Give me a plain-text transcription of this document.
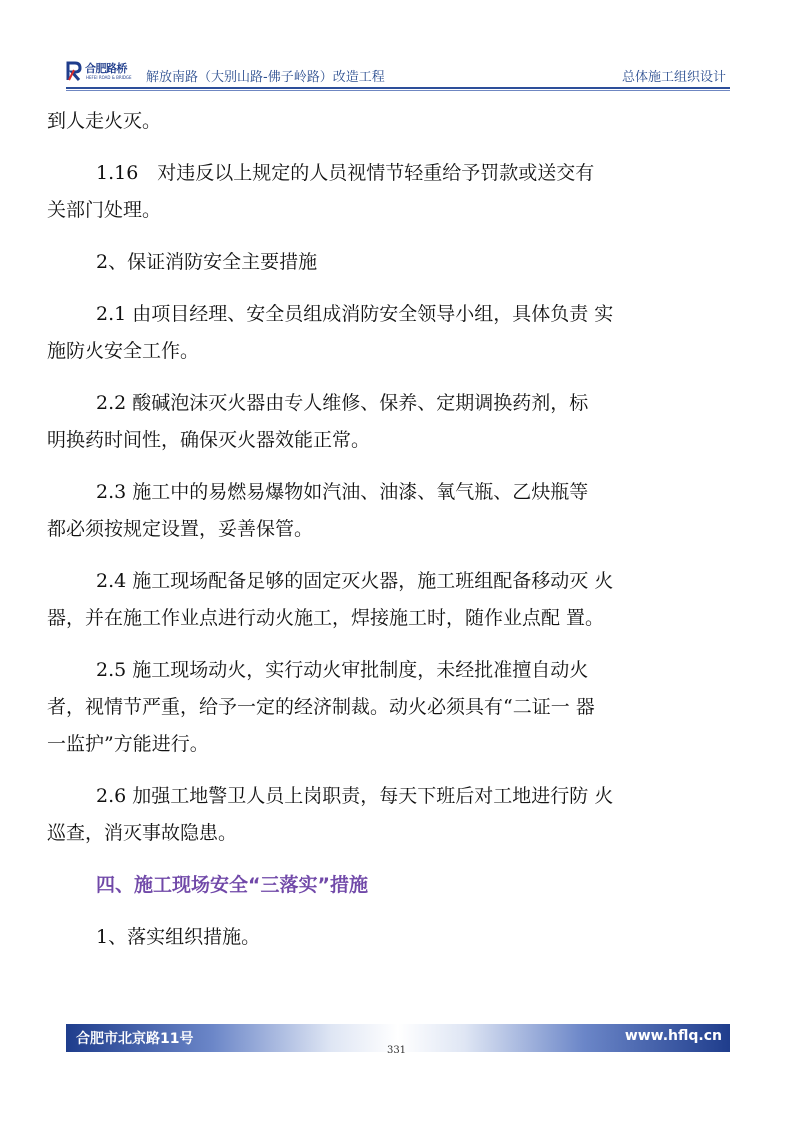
合肥路桥
HEFEI ROAD & BRIDGE 解放南路（大别山路-佛子岭路）改造工程	总体施工组织设计
到人走火灭。
1.16　对违反以上规定的人员视情节轻重给予罚款或送交有
关部门处理。
2、保证消防安全主要措施
2.1 由项目经理、安全员组成消防安全领导小组，具体负责 实
施防火安全工作。
2.2 酸碱泡沫灭火器由专人维修、保养、定期调换药剂，标
明换药时间性，确保灭火器效能正常。
2.3 施工中的易燃易爆物如汽油、油漆、氧气瓶、乙炔瓶等
都必须按规定设置，妥善保管。
2.4 施工现场配备足够的固定灭火器，施工班组配备移动灭 火
器，并在施工作业点进行动火施工，焊接施工时，随作业点配 置。
2.5 施工现场动火，实行动火审批制度，未经批准擅自动火
者，视情节严重，给予一定的经济制裁。动火必须具有“二证一 器
一监护”方能进行。
2.6 加强工地警卫人员上岗职责，每天下班后对工地进行防 火
巡查，消灭事故隐患。
四、施工现场安全“三落实”措施
1、落实组织措施。
合肥市北京路11号	www.hflq.cn
331
